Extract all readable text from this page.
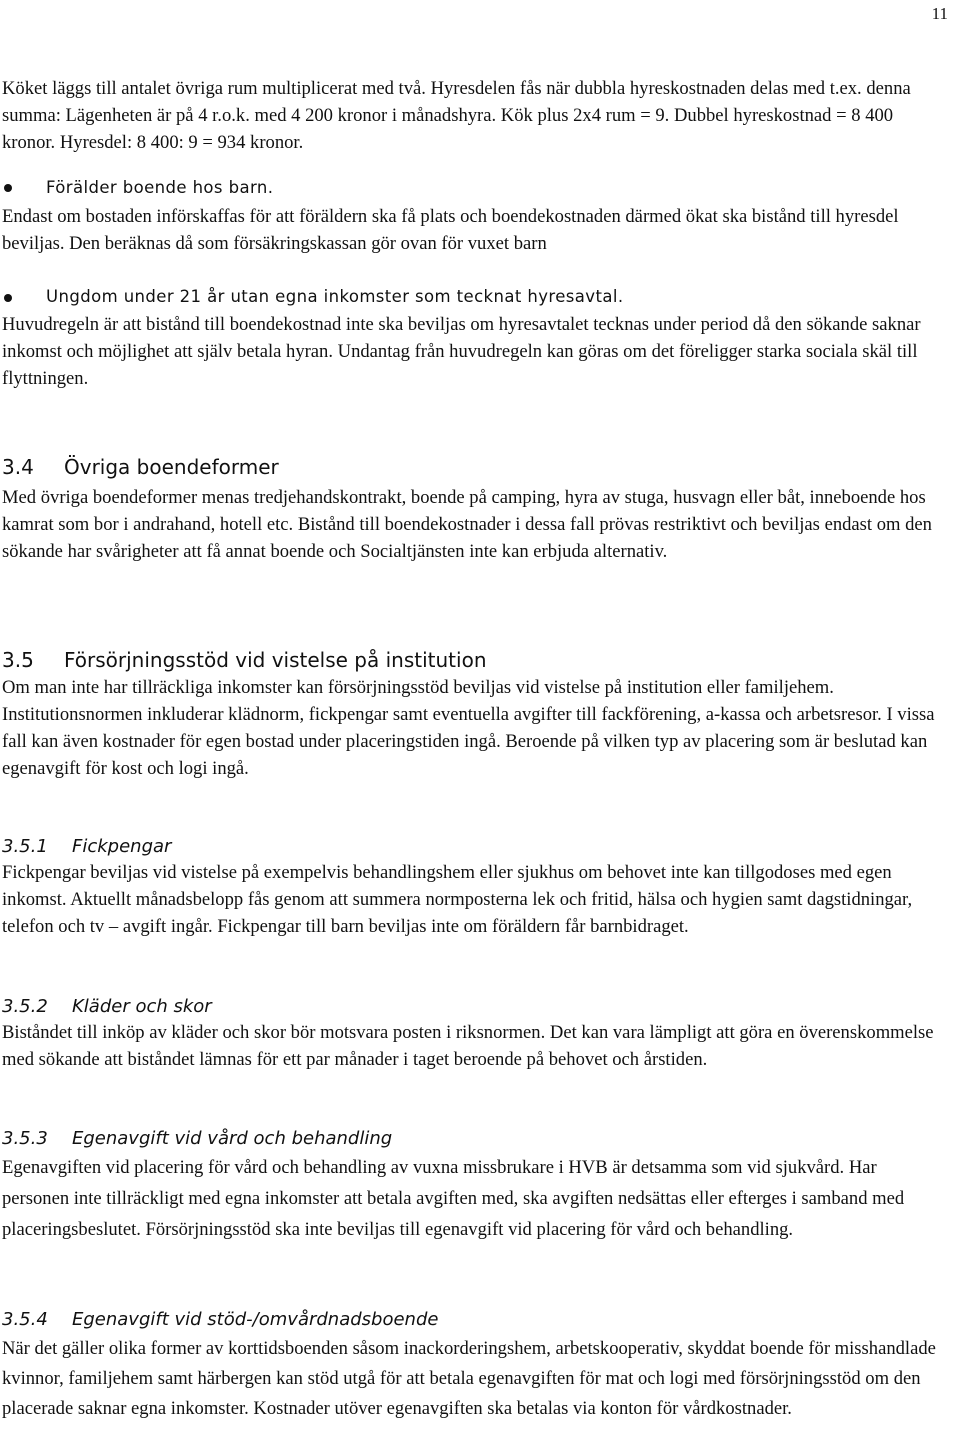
11

Köket läggs till antalet övriga rum multiplicerat med två. Hyresdelen fås när dubbla hyreskostnaden delas med t.ex. denna summa: Lägenheten är på 4 r.o.k. med 4 200 kronor i månadshyra. Kök plus 2x4 rum = 9. Dubbel hyreskostnad = 8 400 kronor. Hyresdel: 8 400: 9 = 934 kronor.

Förälder boende hos barn.

Endast om bostaden införskaffas för att föräldern ska få plats och boendekostnaden därmed ökat ska bistånd till hyresdel beviljas. Den beräknas då som försäkringskassan gör ovan för vuxet barn

Ungdom under 21 år utan egna inkomster som tecknat hyresavtal.

Huvudregeln är att bistånd till boendekostnad inte ska beviljas om hyresavtalet tecknas under period då den sökande saknar inkomst och möjlighet att själv betala hyran. Undantag från huvudregeln kan göras om det föreligger starka sociala skäl till flyttningen.

3.4 Övriga boendeformer

Med övriga boendeformer menas tredjehandskontrakt, boende på camping, hyra av stuga, husvagn eller båt, inneboende hos kamrat som bor i andrahand, hotell etc. Bistånd till boendekostnader i dessa fall prövas restriktivt och beviljas endast om den sökande har svårigheter att få annat boende och Socialtjänsten inte kan erbjuda alternativ.

3.5 Försörjningsstöd vid vistelse på institution

Om man inte har tillräckliga inkomster kan försörjningsstöd beviljas vid vistelse på institution eller familjehem. Institutionsnormen inkluderar klädnorm, fickpengar samt eventuella avgifter till fackförening, a-kassa och arbetsresor. I vissa fall kan även kostnader för egen bostad under placeringstiden ingå. Beroende på vilken typ av placering som är beslutad kan egenavgift för kost och logi ingå.

3.5.1 Fickpengar

Fickpengar beviljas vid vistelse på exempelvis behandlingshem eller sjukhus om behovet inte kan tillgodoses med egen inkomst. Aktuellt månadsbelopp fås genom att summera normposterna lek och fritid, hälsa och hygien samt dagstidningar, telefon och tv – avgift ingår. Fickpengar till barn beviljas inte om föräldern får barnbidraget.

3.5.2 Kläder och skor

Biståndet till inköp av kläder och skor bör motsvara posten i riksnormen. Det kan vara lämpligt att göra en överenskommelse med sökande att biståndet lämnas för ett par månader i taget beroende på behovet och årstiden.

3.5.3 Egenavgift vid vård och behandling

Egenavgiften vid placering för vård och behandling av vuxna missbrukare i HVB är detsamma som vid sjukvård. Har personen inte tillräckligt med egna inkomster att betala avgiften med, ska avgiften nedsättas eller efterges i samband med placeringsbeslutet. Försörjningsstöd ska inte beviljas till egenavgift vid placering för vård och behandling.

3.5.4 Egenavgift vid stöd-/omvårdnadsboende

När det gäller olika former av korttidsboenden såsom inackorderingshem, arbetskooperativ, skyddat boende för misshandlade kvinnor, familjehem samt härbergen kan stöd utgå för att betala egenavgiften för mat och logi med försörjningsstöd om den placerade saknar egna inkomster. Kostnader utöver egenavgiften ska betalas via konton för vårdkostnader.
